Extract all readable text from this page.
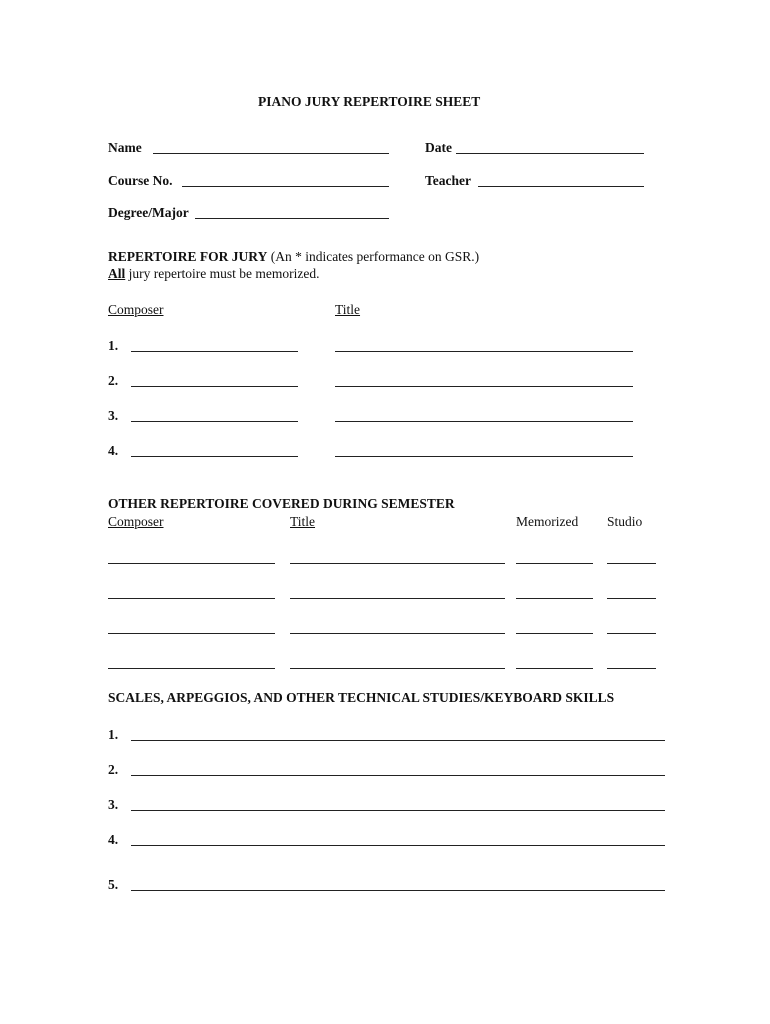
PIANO JURY REPERTOIRE SHEET
Name	Date
Course No.	Teacher
Degree/Major
REPERTOIRE FOR JURY (An * indicates performance on GSR.)
All jury repertoire must be memorized.
Composer	Title
1.
2.
3.
4.
OTHER REPERTOIRE COVERED DURING SEMESTER
Composer	Title	Memorized Studio
SCALES, ARPEGGIOS, AND OTHER TECHNICAL STUDIES/KEYBOARD SKILLS
1.
2.
3.
4.
5.
